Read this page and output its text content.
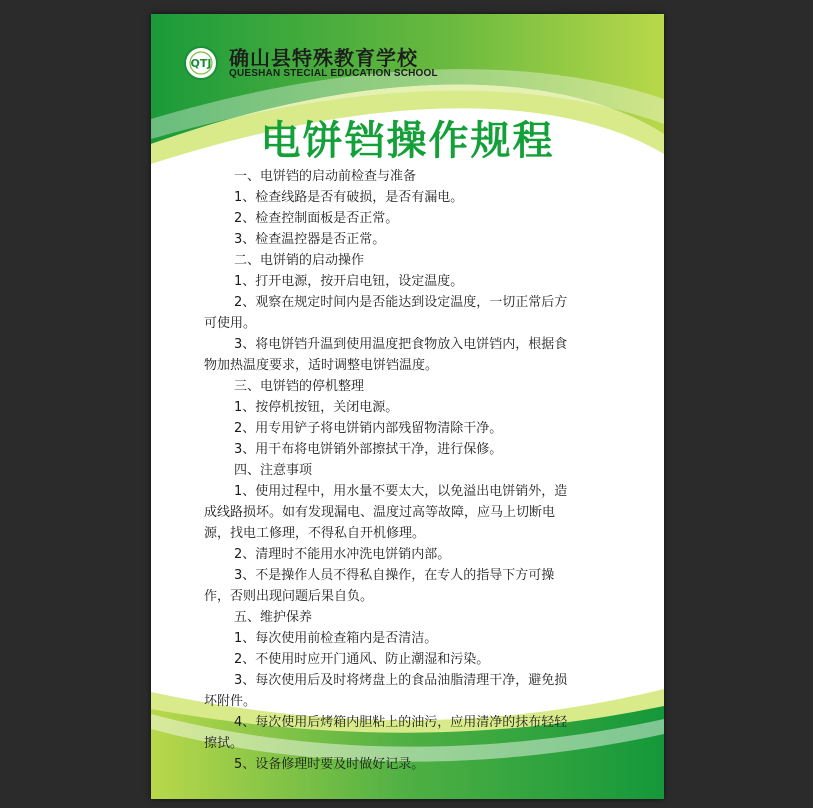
QTJ 确山县特殊教育学校
QUESHAN STECIAL EDUCATION SCHOOL
电饼铛操作规程
一、电饼铛的启动前检查与准备
1、检查线路是否有破损，是否有漏电。
2、检查控制面板是否正常。
3、检查温控器是否正常。
二、电饼销的启动操作
1、打开电源，按开启电钮，设定温度。
2、观察在规定时间内是否能达到设定温度，一切正常后方
可使用。
3、将电饼铛升温到使用温度把食物放入电饼铛内，根据食
物加热温度要求，适时调整电饼铛温度。
三、电饼铛的停机整理
1、按停机按钮，关闭电源。
2、用专用铲子将电饼销内部残留物清除干净。
3、用干布将电饼销外部擦拭干净，进行保修。
四、注意事项
1、使用过程中，用水量不要太大，以免溢出电饼销外，造
成线路损坏。如有发现漏电、温度过高等故障，应马上切断电
源，找电工修理，不得私自开机修理。
2、清理时不能用水冲洗电饼销内部。
3、不是操作人员不得私自操作，在专人的指导下方可操
作，否则出现问题后果自负。
五、维护保养
1、每次使用前检查箱内是否清洁。
2、不使用时应开门通风、防止潮湿和污染。
3、每次使用后及时将烤盘上的食品油脂清理干净，避免损
坏附件。
4、每次使用后烤箱内胆粘上的油污，应用清净的抹布轻轻
擦拭。
5、设备修理时要及时做好记录。
